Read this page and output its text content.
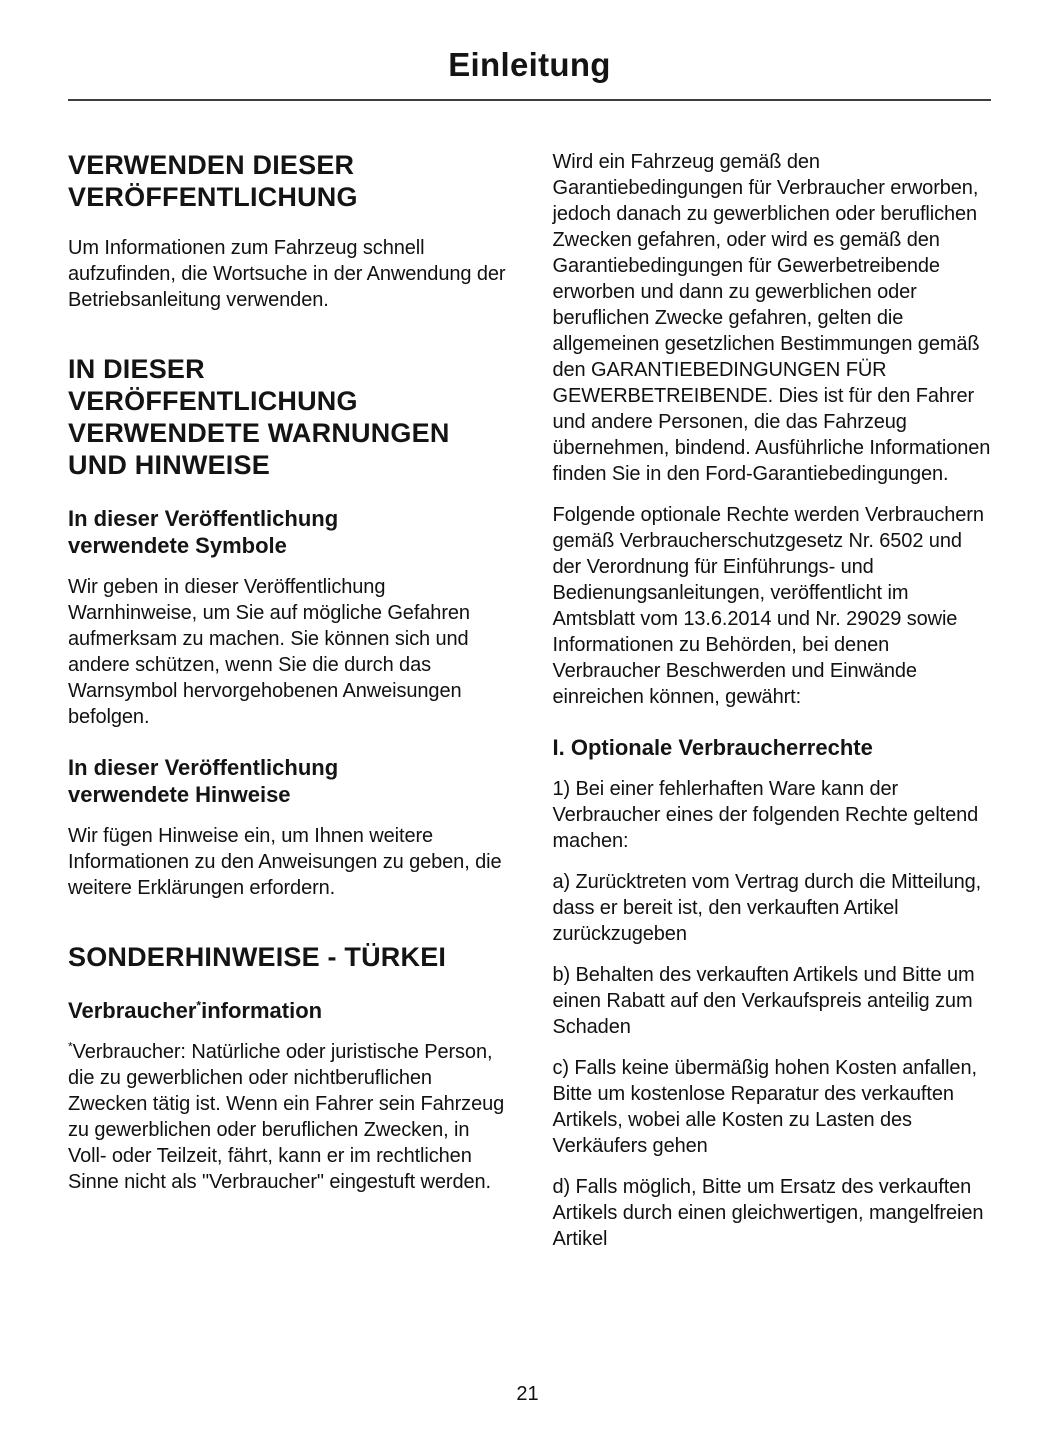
Einleitung
VERWENDEN DIESER VERÖFFENTLICHUNG

Um Informationen zum Fahrzeug schnell aufzufinden, die Wortsuche in der Anwendung der Betriebsanleitung verwenden.

IN DIESER VERÖFFENTLICHUNG VERWENDETE WARNUNGEN UND HINWEISE
In dieser Veröffentlichung verwendete Symbole

Wir geben in dieser Veröffentlichung Warnhinweise, um Sie auf mögliche Gefahren aufmerksam zu machen. Sie können sich und andere schützen, wenn Sie die durch das Warnsymbol hervorgehobenen Anweisungen befolgen.

In dieser Veröffentlichung verwendete Hinweise

Wir fügen Hinweise ein, um Ihnen weitere Informationen zu den Anweisungen zu geben, die weitere Erklärungen erfordern.

SONDERHINWEISE - TÜRKEI
Verbraucher*information

*Verbraucher: Natürliche oder juristische Person, die zu gewerblichen oder nichtberuflichen Zwecken tätig ist. Wenn ein Fahrer sein Fahrzeug zu gewerblichen oder beruflichen Zwecken, in Voll- oder Teilzeit, fährt, kann er im rechtlichen Sinne nicht als "Verbraucher" eingestuft werden.

Wird ein Fahrzeug gemäß den Garantiebedingungen für Verbraucher erworben, jedoch danach zu gewerblichen oder beruflichen Zwecken gefahren, oder wird es gemäß den Garantiebedingungen für Gewerbetreibende erworben und dann zu gewerblichen oder beruflichen Zwecke gefahren, gelten die allgemeinen gesetzlichen Bestimmungen gemäß den GARANTIEBEDINGUNGEN FÜR GEWERBETREIBENDE. Dies ist für den Fahrer und andere Personen, die das Fahrzeug übernehmen, bindend. Ausführliche Informationen finden Sie in den Ford-Garantiebedingungen.

Folgende optionale Rechte werden Verbrauchern gemäß Verbraucherschutzgesetz Nr. 6502 und der Verordnung für Einführungs- und Bedienungsanleitungen, veröffentlicht im Amtsblatt vom 13.6.2014 und Nr. 29029 sowie Informationen zu Behörden, bei denen Verbraucher Beschwerden und Einwände einreichen können, gewährt:

I. Optionale Verbraucherrechte

1) Bei einer fehlerhaften Ware kann der Verbraucher eines der folgenden Rechte geltend machen:

a) Zurücktreten vom Vertrag durch die Mitteilung, dass er bereit ist, den verkauften Artikel zurückzugeben

b) Behalten des verkauften Artikels und Bitte um einen Rabatt auf den Verkaufspreis anteilig zum Schaden

c) Falls keine übermäßig hohen Kosten anfallen, Bitte um kostenlose Reparatur des verkauften Artikels, wobei alle Kosten zu Lasten des Verkäufers gehen

d) Falls möglich, Bitte um Ersatz des verkauften Artikels durch einen gleichwertigen, mangelfreien Artikel

21
